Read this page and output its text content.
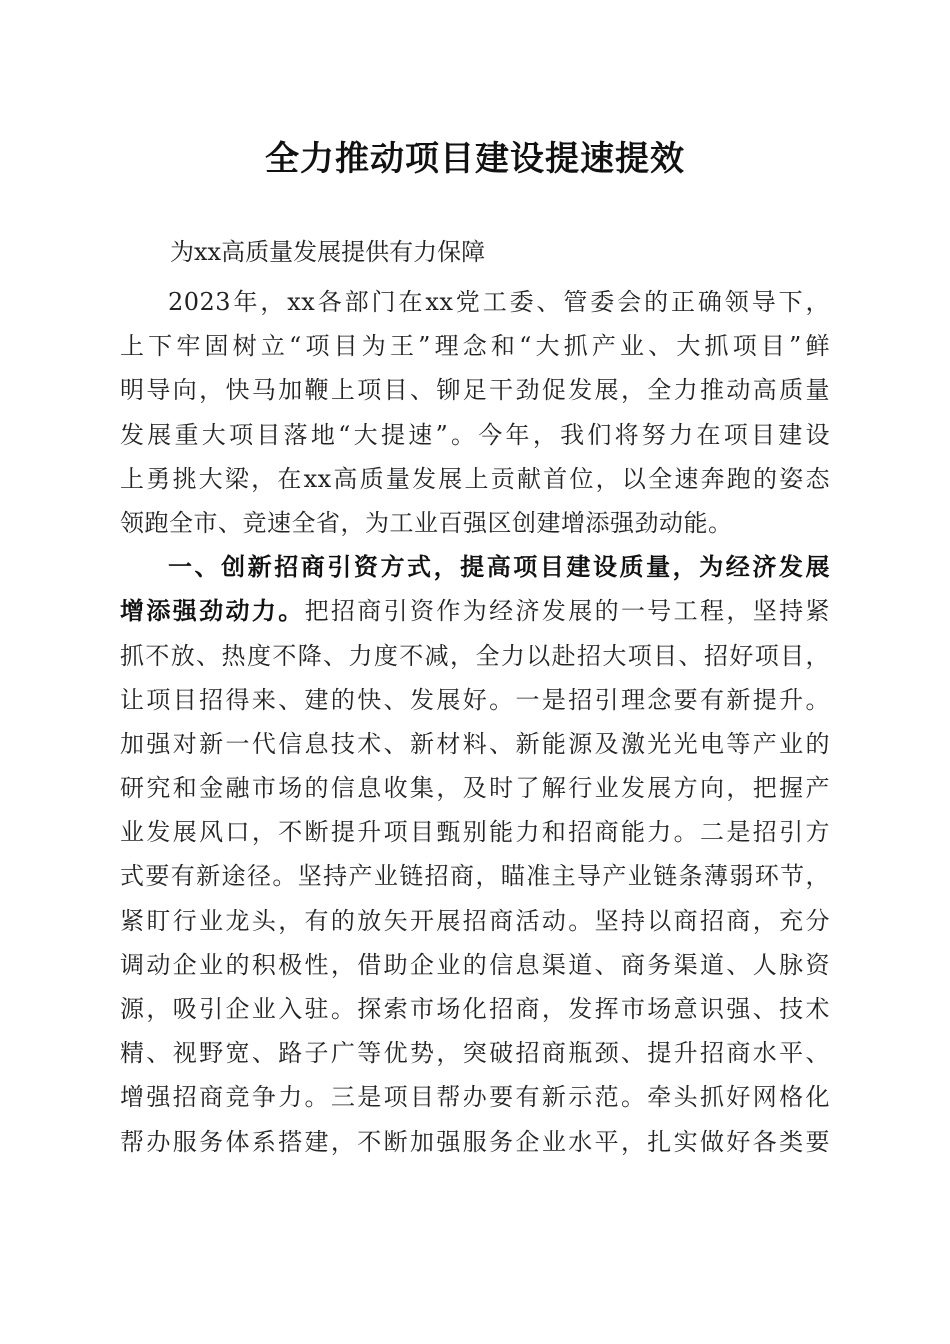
全力推动项目建设提速提效
为xx高质量发展提供有力保障
2023年，xx各部门在xx党工委、管委会的正确领导下，
上下牢固树立“项目为王”理念和“大抓产业、大抓项目”鲜
明导向，快马加鞭上项目、铆足干劲促发展，全力推动高质量
发展重大项目落地“大提速”。今年，我们将努力在项目建设
上勇挑大梁，在xx高质量发展上贡献首位，以全速奔跑的姿态
领跑全市、竞速全省，为工业百强区创建增添强劲动能。
一、创新招商引资方式，提高项目建设质量，为经济发展
增添强劲动力。把招商引资作为经济发展的一号工程，坚持紧
抓不放、热度不降、力度不减，全力以赴招大项目、招好项目，
让项目招得来、建的快、发展好。一是招引理念要有新提升。
加强对新一代信息技术、新材料、新能源及激光光电等产业的
研究和金融市场的信息收集，及时了解行业发展方向，把握产
业发展风口，不断提升项目甄别能力和招商能力。二是招引方
式要有新途径。坚持产业链招商，瞄准主导产业链条薄弱环节，
紧盯行业龙头，有的放矢开展招商活动。坚持以商招商，充分
调动企业的积极性，借助企业的信息渠道、商务渠道、人脉资
源，吸引企业入驻。探索市场化招商，发挥市场意识强、技术
精、视野宽、路子广等优势，突破招商瓶颈、提升招商水平、
增强招商竞争力。三是项目帮办要有新示范。牵头抓好网格化
帮办服务体系搭建，不断加强服务企业水平，扎实做好各类要
